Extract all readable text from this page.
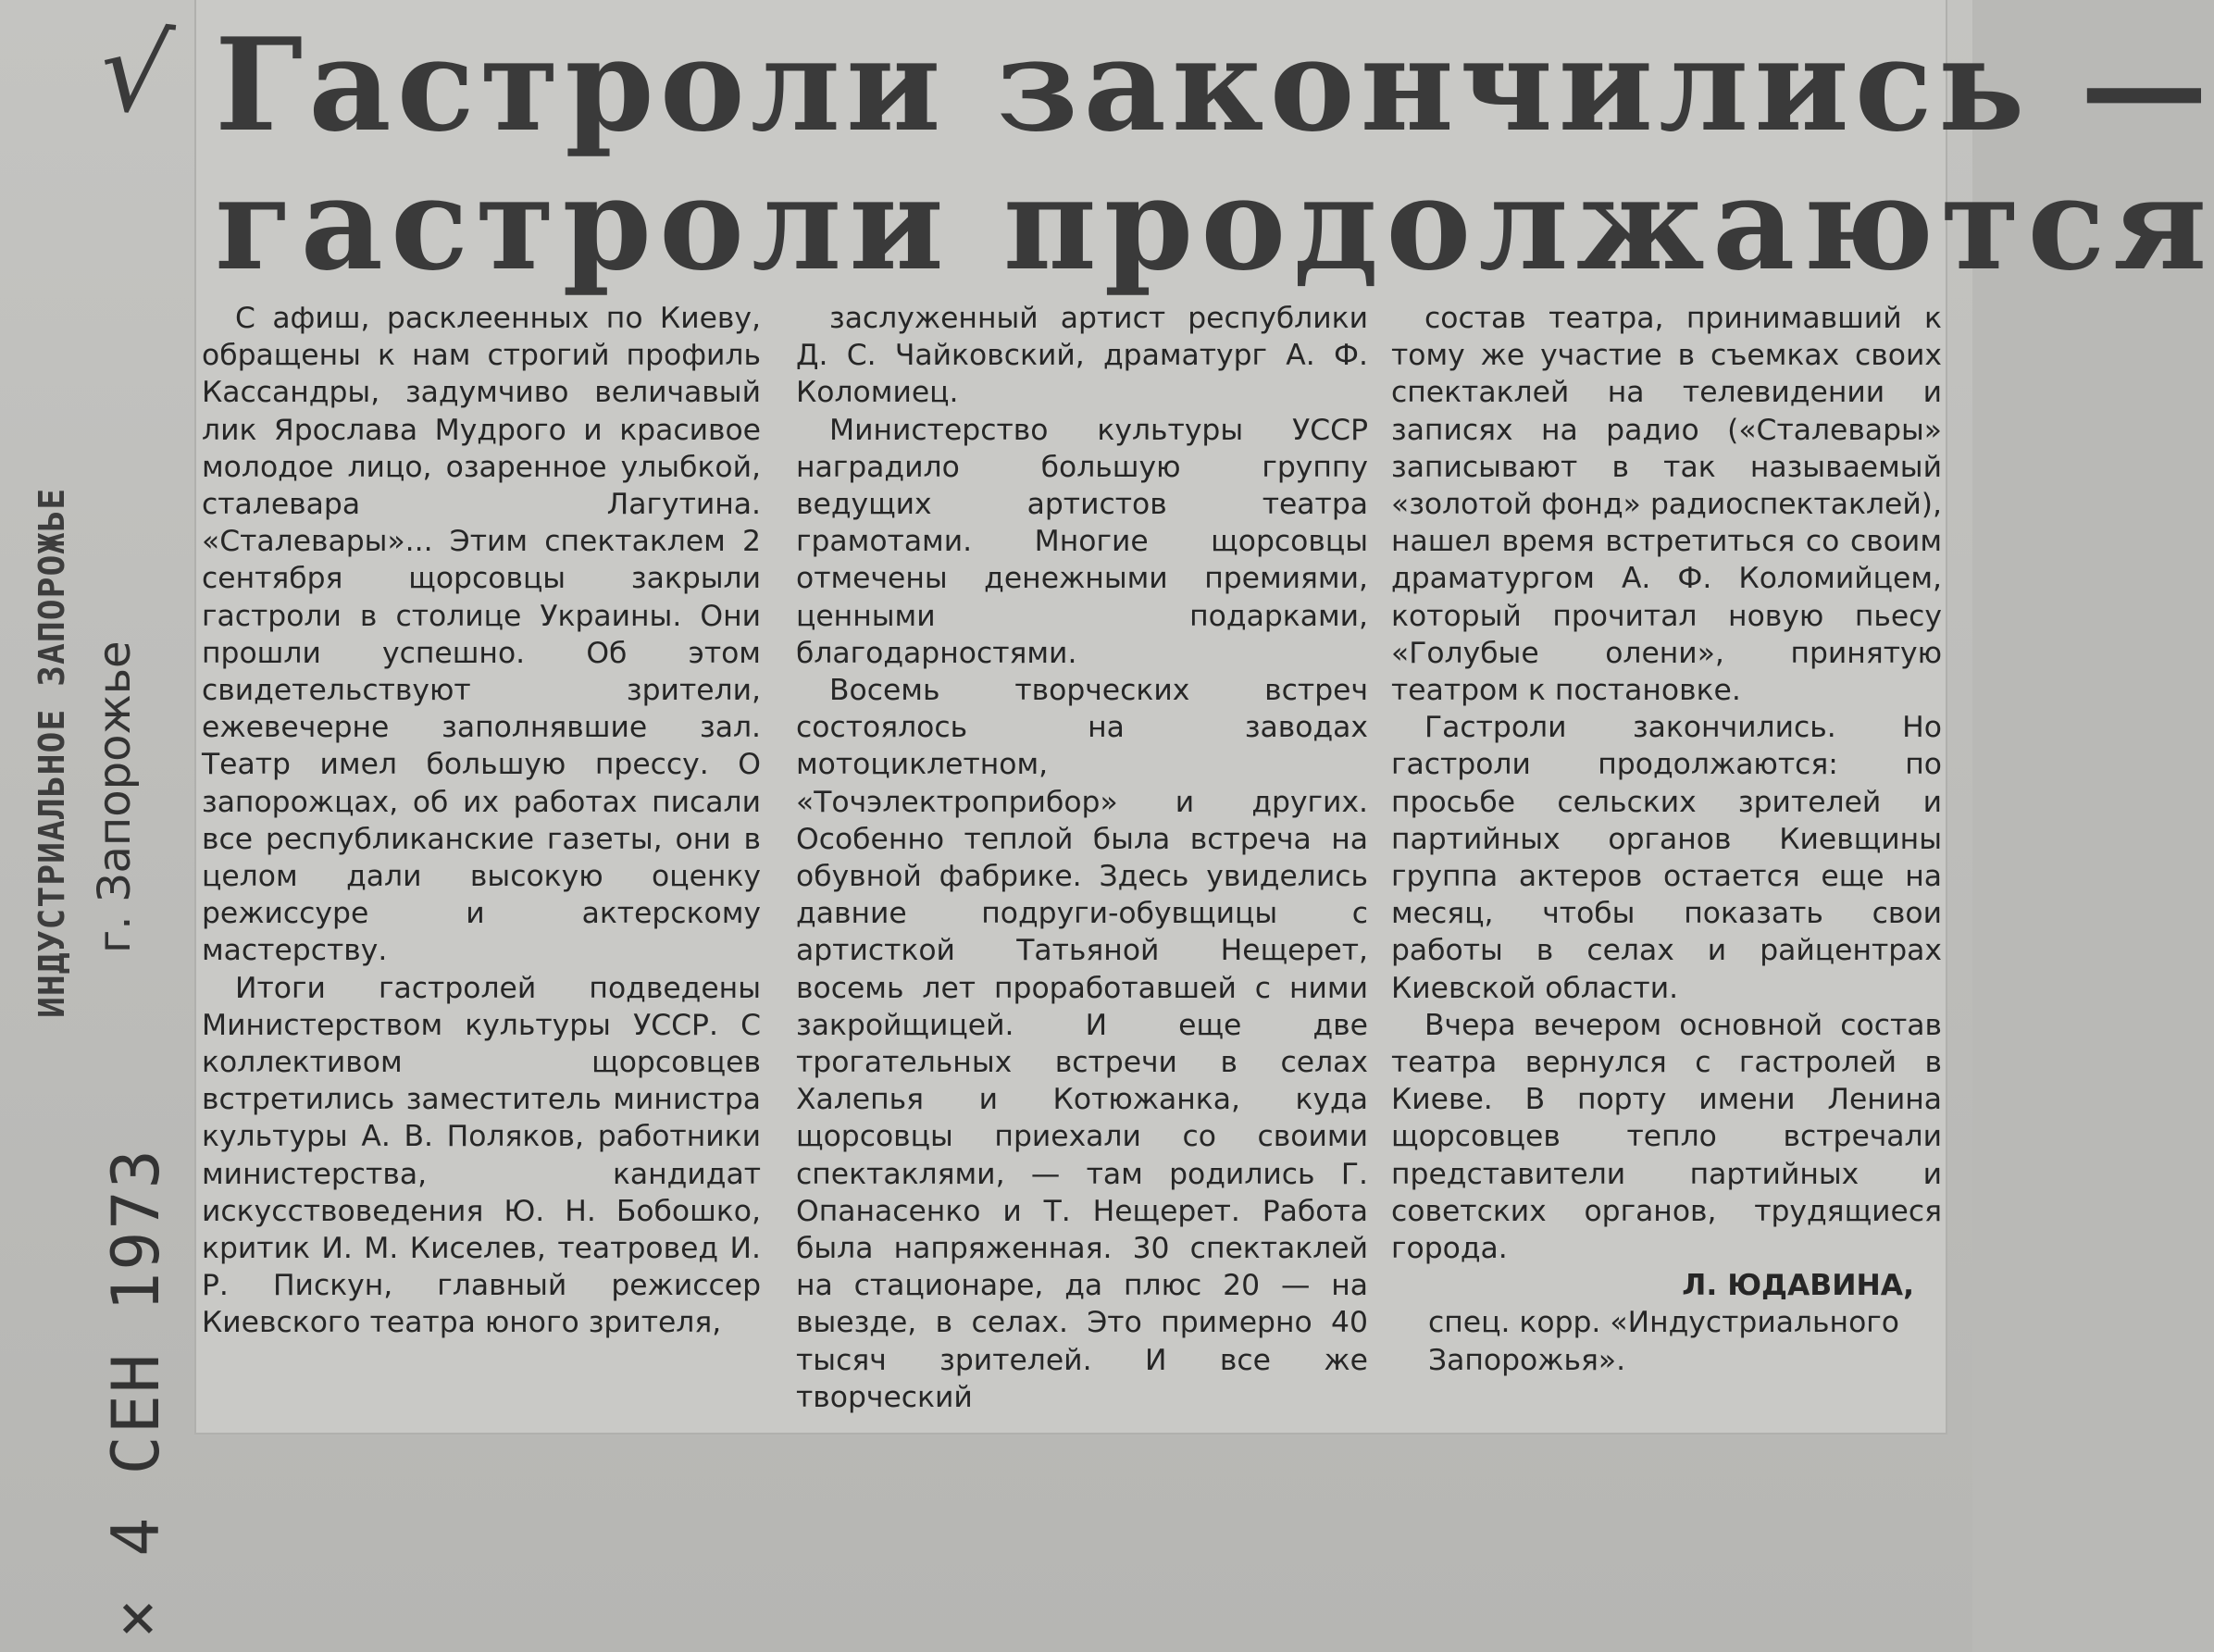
√ Гастроли закончились —
гастроли продолжаются

С афиш, расклеенных по Киеву, обращены к нам строгий профиль Кассандры, задумчиво величавый лик Ярослава Мудрого и красивое молодое лицо, озаренное улыбкой, сталевара Лагутина. «Сталевары»... Этим спектаклем 2 сентября щорсовцы закрыли гастроли в столице Украины. Они прошли успешно. Об этом свидетельствуют зрители, ежевечерне заполнявшие зал. Театр имел большую прессу. О запорожцах, об их работах писали все республиканские газеты, они в целом дали высокую оценку режиссуре и актерскому мастерству.

Итоги гастролей подведены Министерством культуры УССР. С коллективом щорсовцев встретились заместитель министра культуры А. В. Поляков, работники министерства, кандидат искусствоведения Ю. Н. Бобошко, критик И. М. Киселев, театровед И. Р. Пискун, главный режиссер Киевского театра юного зрителя,

заслуженный артист республики Д. С. Чайковский, драматург А. Ф. Коломиец.

Министерство культуры УССР наградило большую группу ведущих артистов театра грамотами. Многие щорсовцы отмечены денежными премиями, ценными подарками, благодарностями.

Восемь творческих встреч состоялось на заводах мотоциклетном, «Точэлектроприбор» и других. Особенно теплой была встреча на обувной фабрике. Здесь увиделись давние подруги-обувщицы с артисткой Татьяной Нещерет, восемь лет проработавшей с ними закройщицей. И еще две трогательных встречи в селах Халепья и Котюжанка, куда щорсовцы приехали со своими спектаклями, — там родились Г. Опанасенко и Т. Нещерет. Работа была напряженная. 30 спектаклей на стационаре, да плюс 20 — на выезде, в селах. Это примерно 40 тысяч зрителей. И все же творческий

состав театра, принимавший к тому же участие в съемках своих спектаклей на телевидении и записях на радио («Сталевары» записывают в так называемый «золотой фонд» радиоспектаклей), нашел время встретиться со своим драматургом А. Ф. Коломийцем, который прочитал новую пьесу «Голубые олени», принятую театром к постановке.

Гастроли закончились. Но гастроли продолжаются: по просьбе сельских зрителей и партийных органов Киевщины группа актеров остается еще на месяц, чтобы показать свои работы в селах и райцентрах Киевской области.

Вчера вечером основной состав театра вернулся с гастролей в Киеве. В порту имени Ленина щорсовцев тепло встречали представители партийных и советских органов, трудящиеся города.

Л. ЮДАВИНА,

спец. корр. «Индустриального Запорожья».

ИНДУСТРИАЛЬНОЕ ЗАПОРОЖЬЕ г. Запорожье
× 4 СЕН 1973
